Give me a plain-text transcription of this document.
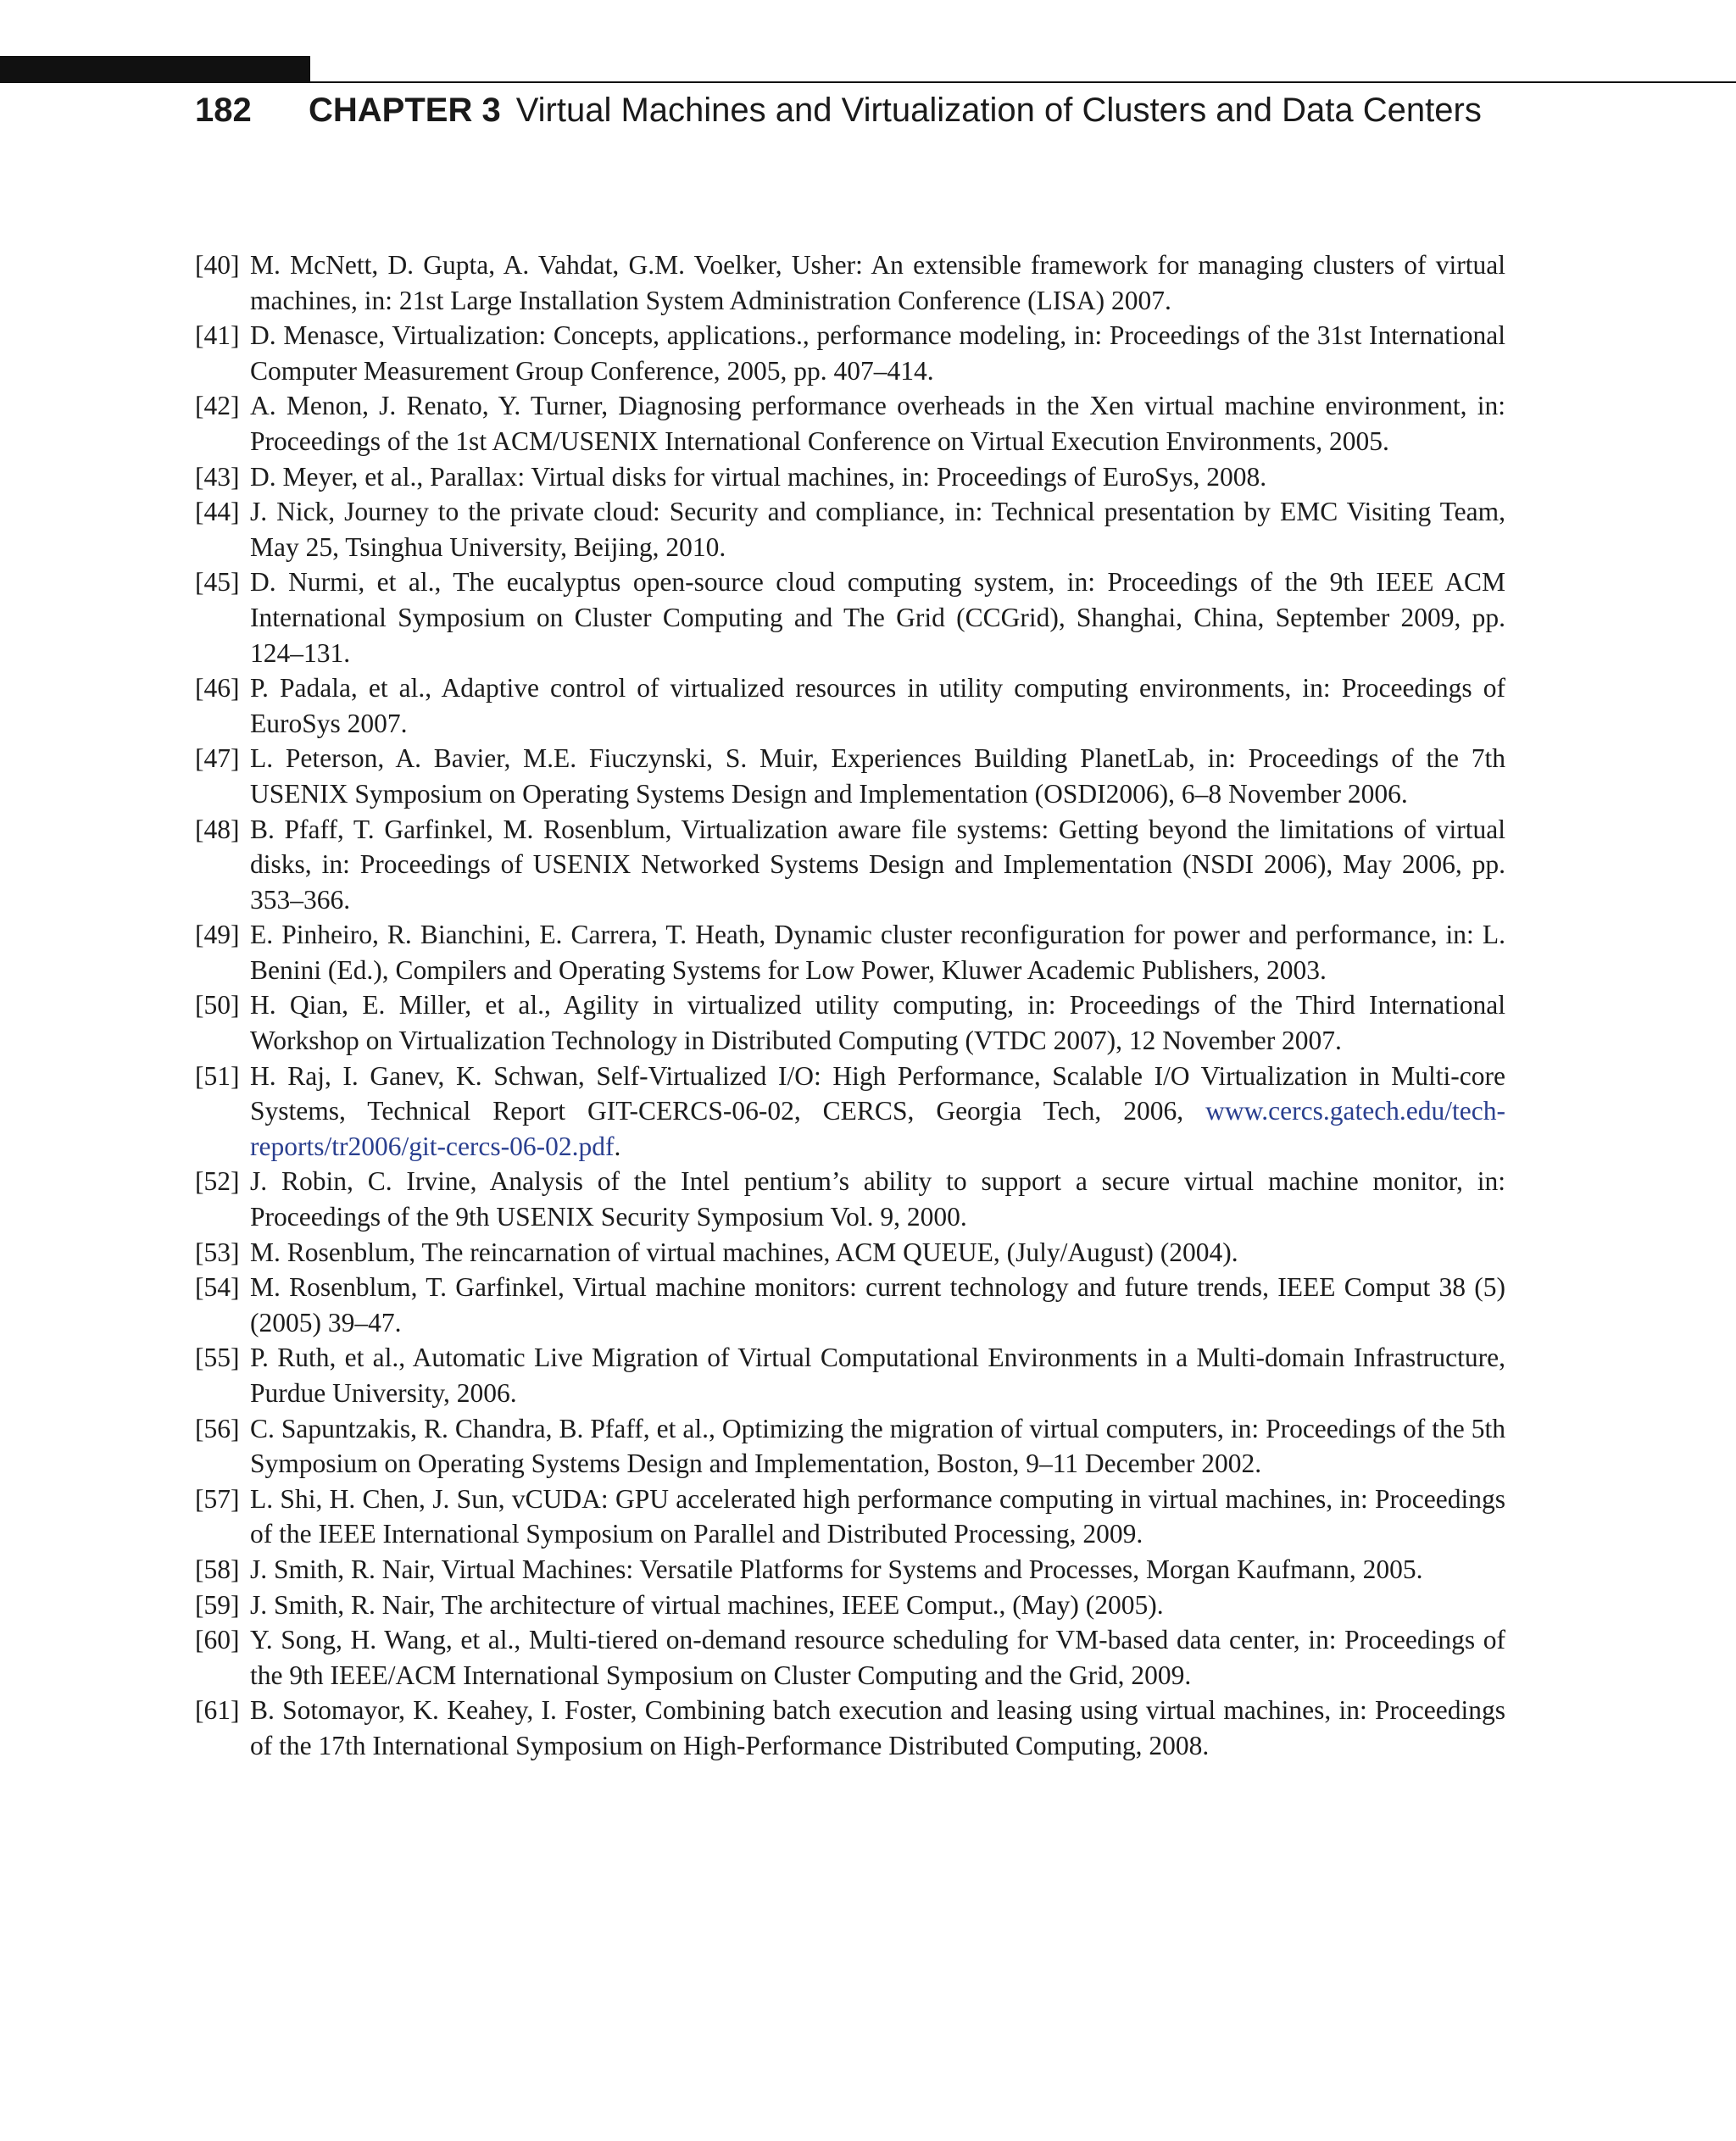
182	CHAPTER 3 Virtual Machines and Virtualization of Clusters and Data Centers
[40] M. McNett, D. Gupta, A. Vahdat, G.M. Voelker, Usher: An extensible framework for managing clusters of virtual machines, in: 21st Large Installation System Administration Conference (LISA) 2007.
[41] D. Menasce, Virtualization: Concepts, applications., performance modeling, in: Proceedings of the 31st International Computer Measurement Group Conference, 2005, pp. 407–414.
[42] A. Menon, J. Renato, Y. Turner, Diagnosing performance overheads in the Xen virtual machine environment, in: Proceedings of the 1st ACM/USENIX International Conference on Virtual Execution Environments, 2005.
[43] D. Meyer, et al., Parallax: Virtual disks for virtual machines, in: Proceedings of EuroSys, 2008.
[44] J. Nick, Journey to the private cloud: Security and compliance, in: Technical presentation by EMC Visiting Team, May 25, Tsinghua University, Beijing, 2010.
[45] D. Nurmi, et al., The eucalyptus open-source cloud computing system, in: Proceedings of the 9th IEEE ACM International Symposium on Cluster Computing and The Grid (CCGrid), Shanghai, China, September 2009, pp. 124–131.
[46] P. Padala, et al., Adaptive control of virtualized resources in utility computing environments, in: Proceedings of EuroSys 2007.
[47] L. Peterson, A. Bavier, M.E. Fiuczynski, S. Muir, Experiences Building PlanetLab, in: Proceedings of the 7th USENIX Symposium on Operating Systems Design and Implementation (OSDI2006), 6–8 November 2006.
[48] B. Pfaff, T. Garfinkel, M. Rosenblum, Virtualization aware file systems: Getting beyond the limitations of virtual disks, in: Proceedings of USENIX Networked Systems Design and Implementation (NSDI 2006), May 2006, pp. 353–366.
[49] E. Pinheiro, R. Bianchini, E. Carrera, T. Heath, Dynamic cluster reconfiguration for power and performance, in: L. Benini (Ed.), Compilers and Operating Systems for Low Power, Kluwer Academic Publishers, 2003.
[50] H. Qian, E. Miller, et al., Agility in virtualized utility computing, in: Proceedings of the Third International Workshop on Virtualization Technology in Distributed Computing (VTDC 2007), 12 November 2007.
[51] H. Raj, I. Ganev, K. Schwan, Self-Virtualized I/O: High Performance, Scalable I/O Virtualization in Multi-core Systems, Technical Report GIT-CERCS-06-02, CERCS, Georgia Tech, 2006, www.cercs.gatech.edu/tech-reports/tr2006/git-cercs-06-02.pdf.
[52] J. Robin, C. Irvine, Analysis of the Intel pentium’s ability to support a secure virtual machine monitor, in: Proceedings of the 9th USENIX Security Symposium Vol. 9, 2000.
[53] M. Rosenblum, The reincarnation of virtual machines, ACM QUEUE, (July/August) (2004).
[54] M. Rosenblum, T. Garfinkel, Virtual machine monitors: current technology and future trends, IEEE Comput 38 (5) (2005) 39–47.
[55] P. Ruth, et al., Automatic Live Migration of Virtual Computational Environments in a Multi-domain Infrastructure, Purdue University, 2006.
[56] C. Sapuntzakis, R. Chandra, B. Pfaff, et al., Optimizing the migration of virtual computers, in: Proceedings of the 5th Symposium on Operating Systems Design and Implementation, Boston, 9–11 December 2002.
[57] L. Shi, H. Chen, J. Sun, vCUDA: GPU accelerated high performance computing in virtual machines, in: Proceedings of the IEEE International Symposium on Parallel and Distributed Processing, 2009.
[58] J. Smith, R. Nair, Virtual Machines: Versatile Platforms for Systems and Processes, Morgan Kaufmann, 2005.
[59] J. Smith, R. Nair, The architecture of virtual machines, IEEE Comput., (May) (2005).
[60] Y. Song, H. Wang, et al., Multi-tiered on-demand resource scheduling for VM-based data center, in: Proceedings of the 9th IEEE/ACM International Symposium on Cluster Computing and the Grid, 2009.
[61] B. Sotomayor, K. Keahey, I. Foster, Combining batch execution and leasing using virtual machines, in: Proceedings of the 17th International Symposium on High-Performance Distributed Computing, 2008.
